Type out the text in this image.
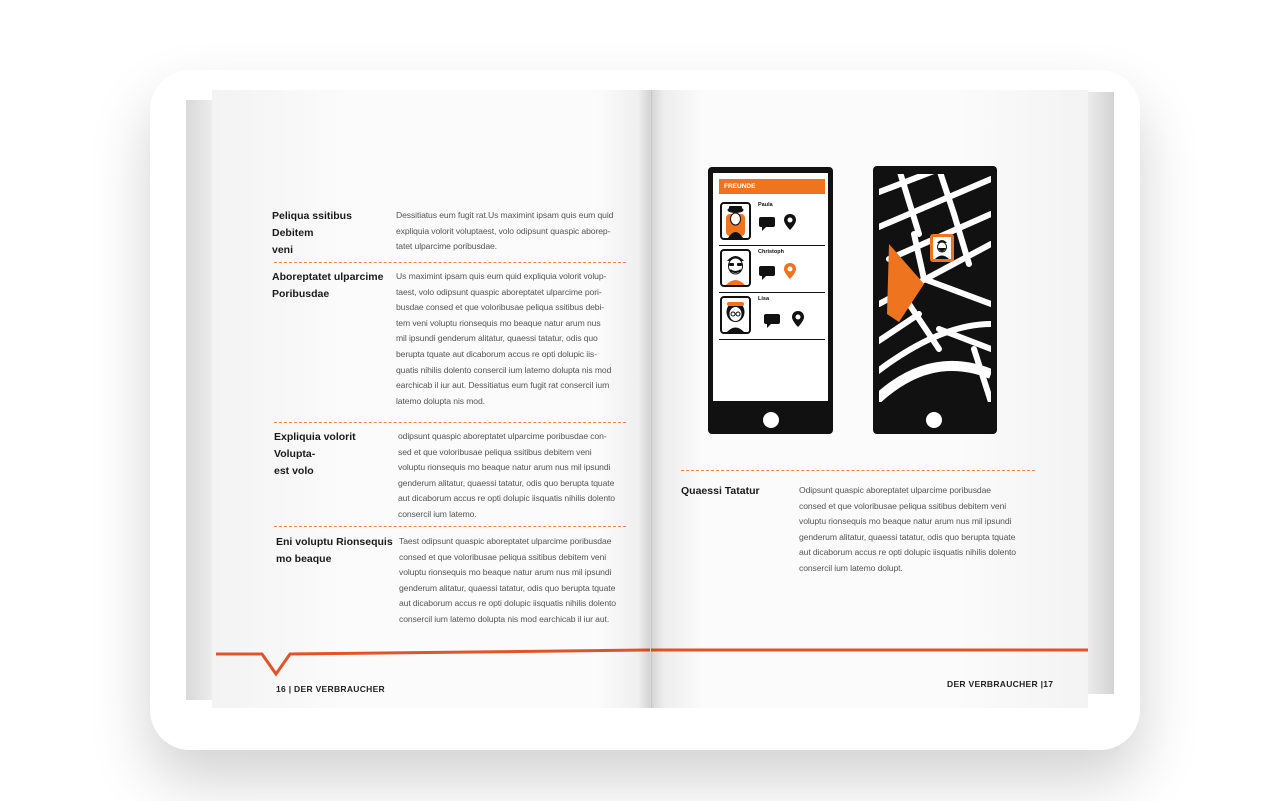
Peliqua ssitibus Debitem
veni
Dessitiatus eum fugit rat.Us maximint ipsam quis eum quid
expliquia volorit voluptaest, volo odipsunt quaspic aborep-
tatet ulparcime poribusdae.
Aboreptatet ulparcime
Poribusdae
Us maximint ipsam quis eum quid expliquia volorit volup-
taest, volo odipsunt quaspic aboreptatet ulparcime pori-
busdae consed et que voloribusae peliqua ssitibus debi-
tem veni voluptu rionsequis mo beaque natur arum nus
mil ipsundi genderum alitatur, quaessi tatatur, odis quo
berupta tquate aut dicaborum accus re opti dolupic iis-
quatis nihilis dolento consercil ium latemo dolupta nis mod
earchicab il iur aut. Dessitiatus eum fugit rat consercil ium
latemo dolupta nis mod.
Expliquia volorit Volupta-
est volo
odipsunt quaspic aboreptatet ulparcime poribusdae con-
sed et que voloribusae peliqua ssitibus debitem veni
voluptu rionsequis mo beaque natur arum nus mil ipsundi
genderum alitatur, quaessi tatatur, odis quo berupta tquate
aut dicaborum accus re opti dolupic iisquatis nihilis dolento
consercil ium latemo.
Eni voluptu Rionsequis
mo beaque
Taest odipsunt quaspic aboreptatet ulparcime poribusdae
consed et que voloribusae peliqua ssitibus debitem veni
voluptu rionsequis mo beaque natur arum nus mil ipsundi
genderum alitatur, quaessi tatatur, odis quo berupta tquate
aut dicaborum accus re opti dolupic iisquatis nihilis dolento
consercil ium latemo dolupta nis mod earchicab il iur aut.
16 | DER VERBRAUCHER
FREUNDE
Paula
Christoph
Lisa
Quaessi Tatatur	Odipsunt quaspic aboreptatet ulparcime poribusdae
consed et que voloribusae peliqua ssitibus debitem veni
voluptu rionsequis mo beaque natur arum nus mil ipsundi
genderum alitatur, quaessi tatatur, odis quo berupta tquate
aut dicaborum accus re opti dolupic iisquatis nihilis dolento
consercil ium latemo dolupt.
DER VERBRAUCHER |17
